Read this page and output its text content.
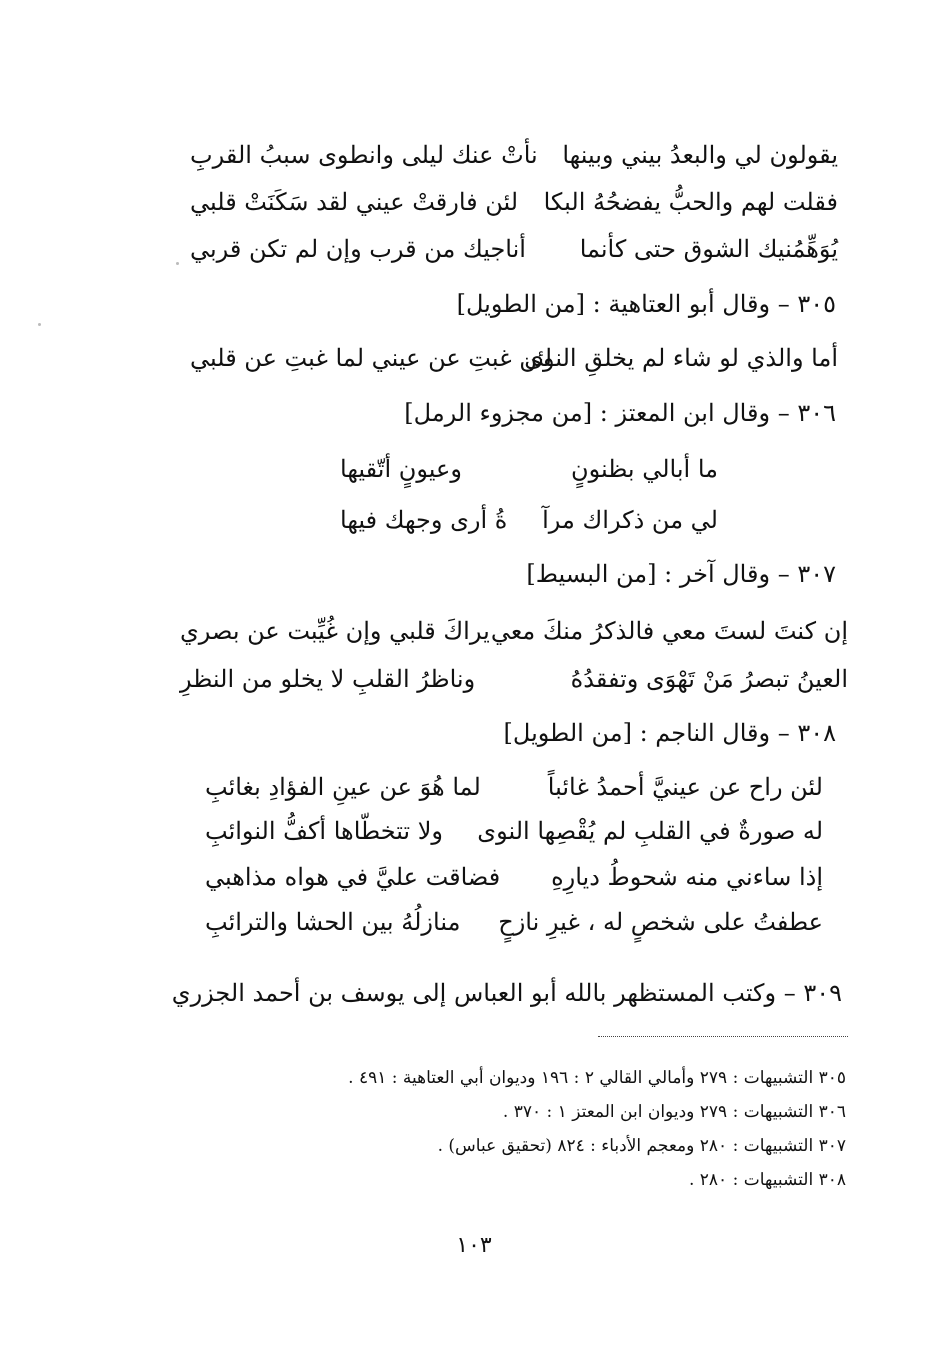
يقولون لي والبعدُ بيني وبينها
نأتْ عنك ليلى وانطوى سببُ القربِ
فقلت لهم والحبُّ يفضحُهُ البكا
لئن فارقتْ عيني لقد سَكَنَتْ قلبي
يُوَهِّمُنيك الشوق حتى كأنما
أناجيك من قرب وإن لم تكن قربي
٣٠٥ – وقال أبو العتاهية : [من الطويل]
أما والذي لو شاء لم يخلقِ النوى
لئن غبتِ عن عيني لما غبتِ عن قلبي
٣٠٦ – وقال ابن المعتز : [من مجزوء الرمل]
ما أبالي بظنونٍ
وعيونٍ أتّقيها
لي من ذكراك مرآ
ةُ أرى وجهك فيها
٣٠٧ – وقال آخر : [من البسيط]
إن كنتَ لستَ معي فالذكرُ منكَ معي
يراكَ قلبي وإن غُيِّبت عن بصري
العينُ تبصرُ مَنْ تَهْوَى وتفقدُهُ
وناظرُ القلبِ لا يخلو من النظرِ
٣٠٨ – وقال الناجم : [من الطويل]
لئن راح عن عينيَّ أحمدُ غائباً
لما هُوَ عن عينِ الفؤادِ بغائبِ
له صورةٌ في القلبِ لم يُقْصِها النوى
ولا تتخطّاها أكفُّ النوائبِ
إذا ساءني منه شحوطُ ديارِهِ
فضاقت عليَّ في هواه مذاهبي
عطفتُ على شخصٍ له ، غيرِ نازحٍ
منازلُهُ بين الحشا والترائبِ
٣٠٩ – وكتب المستظهر بالله أبو العباس إلى يوسف بن أحمد الجزري
٣٠٥ التشبيهات : ٢٧٩ وأمالي القالي ٢ : ١٩٦ وديوان أبي العتاهية : ٤٩١ .
٣٠٦ التشبيهات : ٢٧٩ وديوان ابن المعتز ١ : ٣٧٠ .
٣٠٧ التشبيهات : ٢٨٠ ومعجم الأدباء : ٨٢٤ (تحقيق عباس) .
٣٠٨ التشبيهات : ٢٨٠ .
١٠٣
